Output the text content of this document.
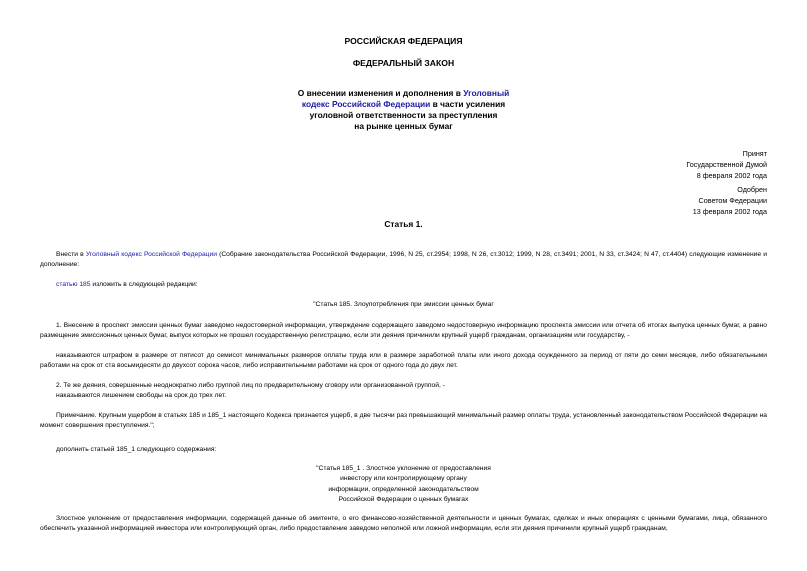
РОССИЙСКАЯ ФЕДЕРАЦИЯ
ФЕДЕРАЛЬНЫЙ ЗАКОН
О внесении изменения и дополнения в Уголовный
кодекс Российской Федерации в части усиления
уголовной ответственности за преступления
на рынке ценных бумаг
Принят
Государственной Думой
8 февраля 2002 года
Одобрен
Советом Федерации
13 февраля 2002 года
Статья 1.
Внести в Уголовный кодекс Российской Федерации (Собрание законодательства Российской Федерации, 1996, N 25, ст.2954; 1998, N 26, ст.3012; 1999, N 28, ст.3491; 2001, N 33, ст.3424; N 47, ст.4404) следующие изменение и дополнение:
статью 185 изложить в следующей редакции:
"Статья 185. Злоупотребления при эмиссии ценных бумаг
1. Внесение в проспект эмиссии ценных бумаг заведомо недостоверной информации, утверждение содержащего заведомо недостоверную информацию проспекта эмиссии или отчета об итогах выпуска ценных бумаг, а равно размещение эмиссионных ценных бумаг, выпуск которых не прошел государственную регистрацию, если эти деяния причинили крупный ущерб гражданам, организациям или государству, -
наказываются штрафом в размере от пятисот до семисот минимальных размеров оплаты труда или в размере заработной платы или иного дохода осужденного за период от пяти до семи месяцев, либо обязательными работами на срок от ста восьмидесяти до двухсот сорока часов, либо исправительными работами на срок от одного года до двух лет.
2. Те же деяния, совершенные неоднократно либо группой лиц по предварительному сговору или организованной группой, -
наказываются лишением свободы на срок до трех лет.
Примечание. Крупным ущербом в статьях 185 и 185_1 настоящего Кодекса признается ущерб, в две тысячи раз превышающий минимальный размер оплаты труда, установленный законодательством Российской Федерации на момент совершения преступления.";
дополнить статьей 185_1 следующего содержания:
"Статья 185_1 . Злостное уклонение от предоставления
инвестору или контролирующему органу
информации, определенной законодательством
Российской Федерации о ценных бумагах
Злостное уклонение от предоставления информации, содержащей данные об эмитенте, о его финансово-хозяйственной деятельности и ценных бумагах, сделках и иных операциях с ценными бумагами, лица, обязанного обеспечить указанной информацией инвестора или контролирующий орган, либо предоставление заведомо неполной или ложной информации, если эти деяния причинили крупный ущерб гражданам,
